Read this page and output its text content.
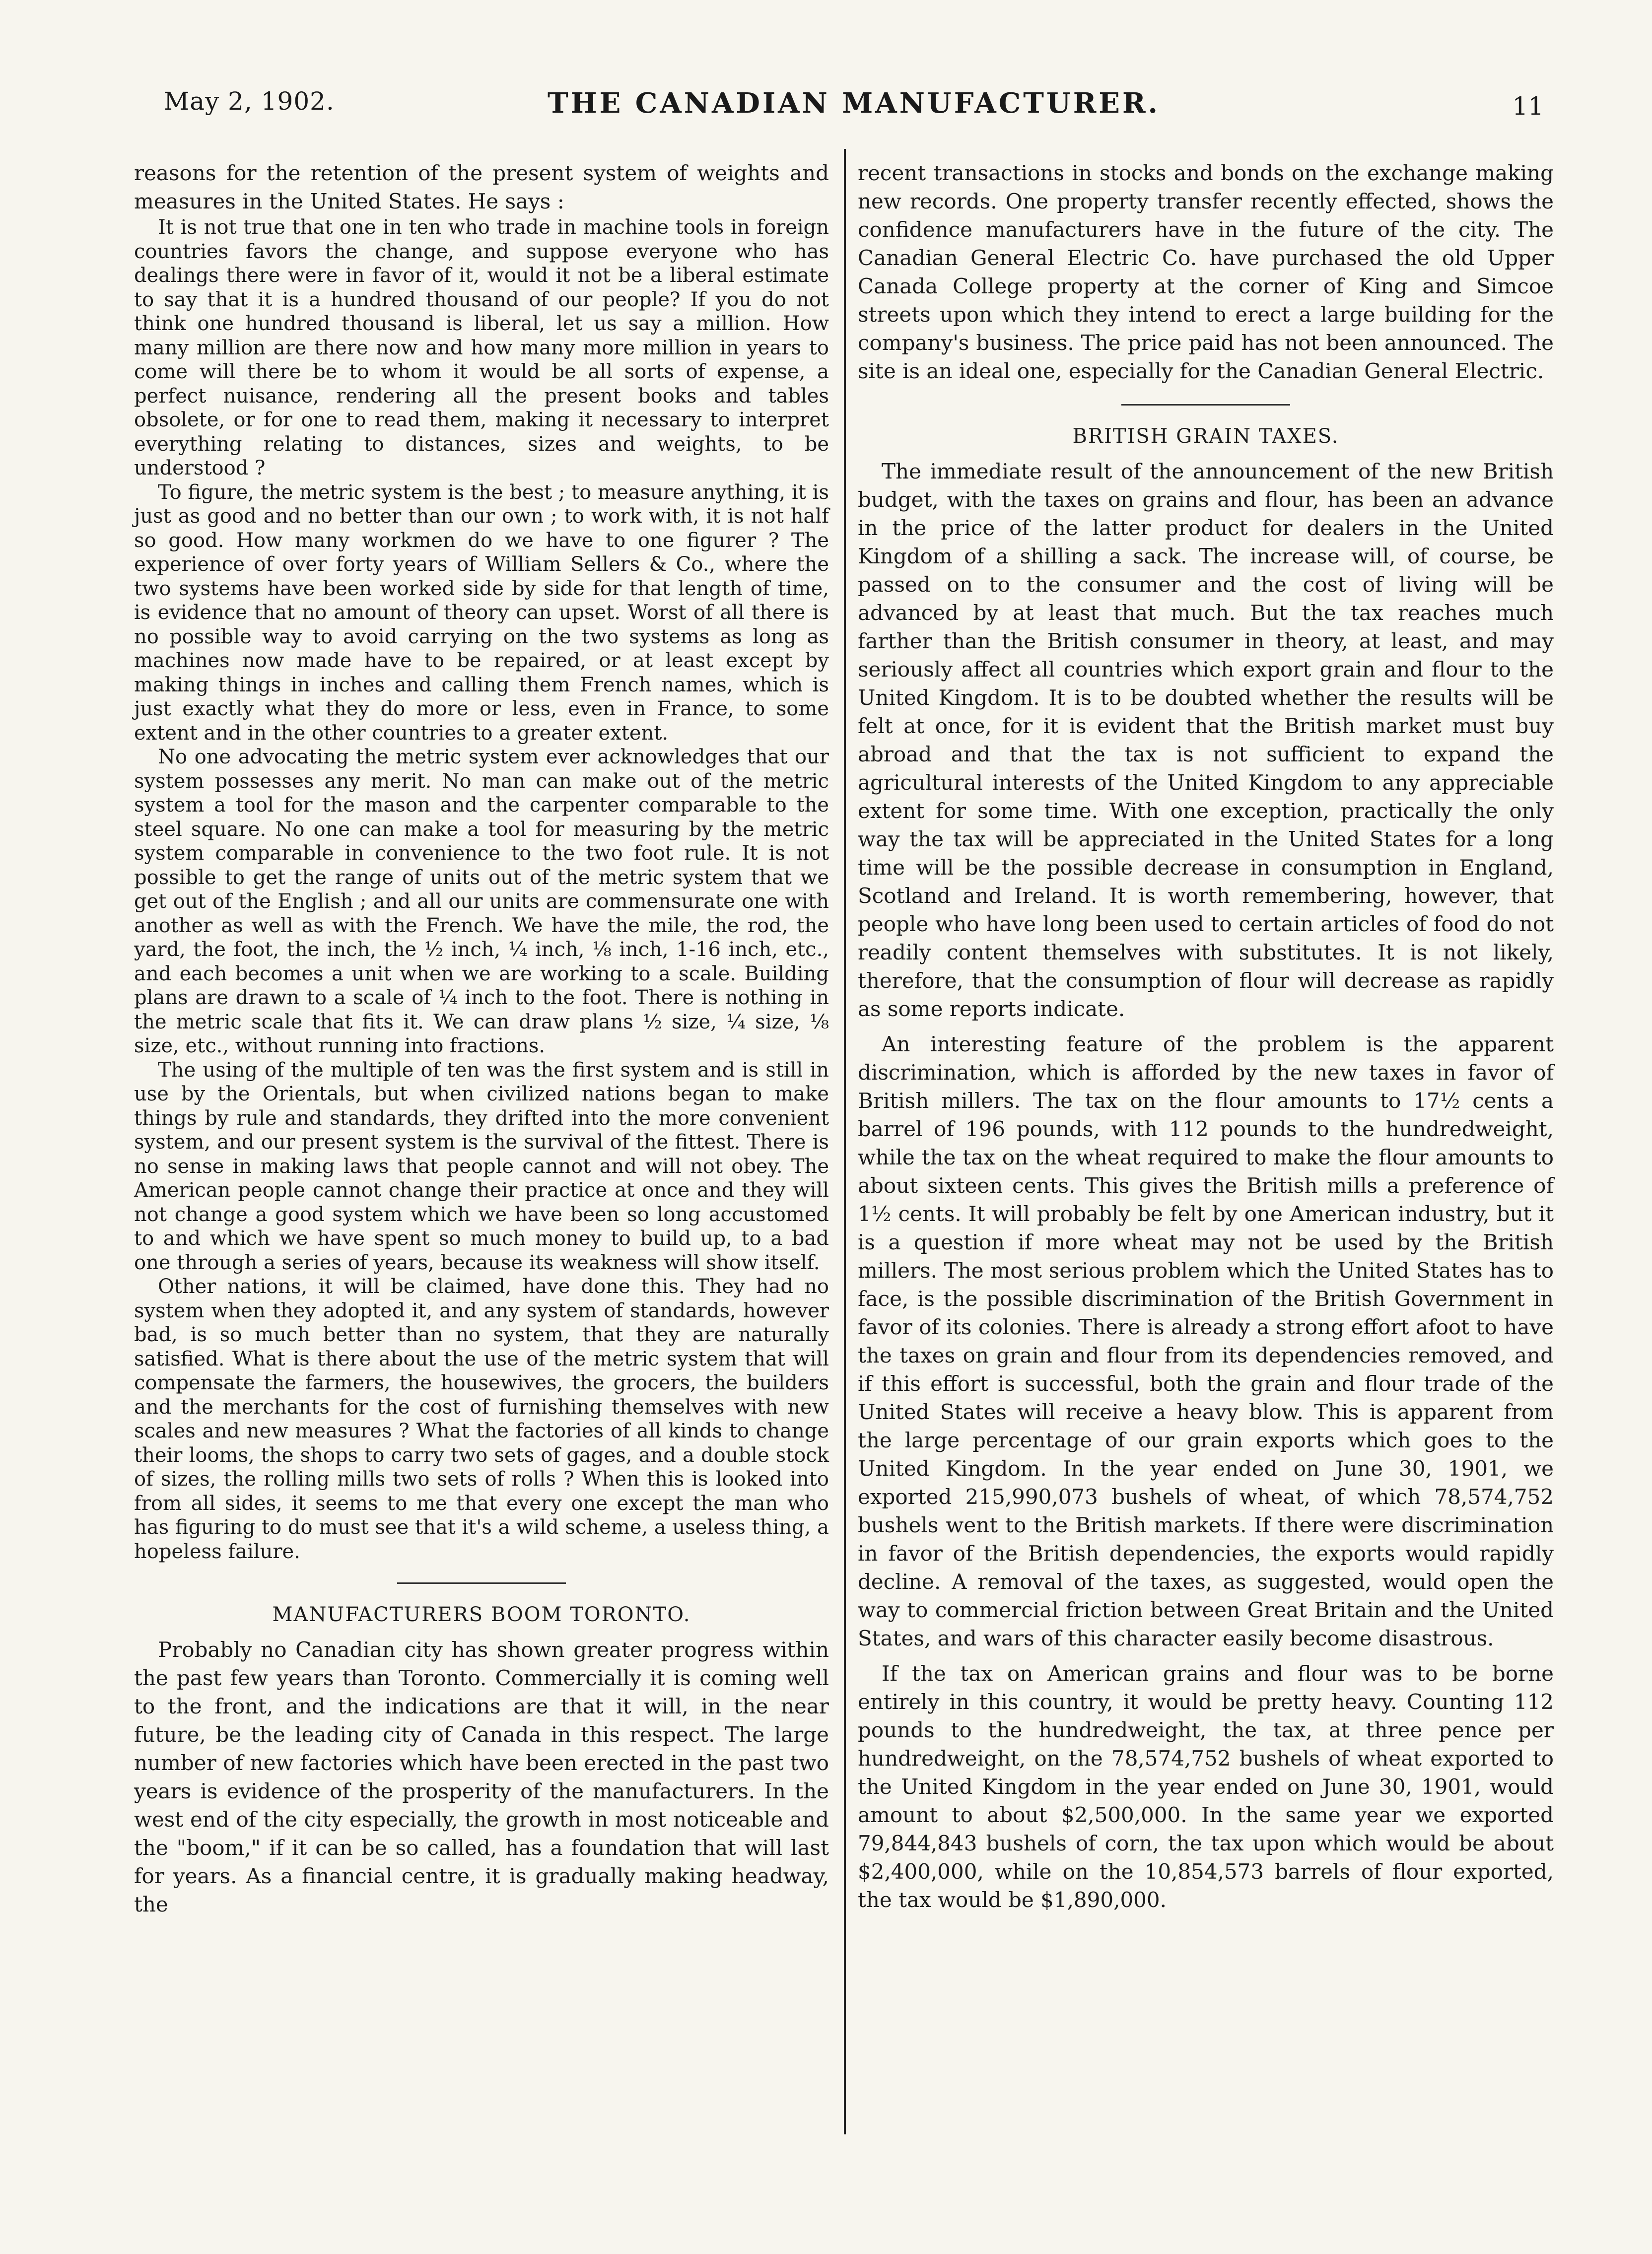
May 2, 1902.	THE CANADIAN MANUFACTURER.	11

reasons for the retention of the present system of weights and measures in the United States. He says :

It is not true that one in ten who trade in machine tools in foreign countries favors the change, and suppose everyone who has dealings there were in favor of it, would it not be a liberal estimate to say that it is a hundred thousand of our people? If you do not think one hundred thousand is liberal, let us say a million. How many million are there now and how many more million in years to come will there be to whom it would be all sorts of expense, a perfect nuisance, rendering all the present books and tables obsolete, or for one to read them, making it necessary to interpret everything relating to distances, sizes and weights, to be understood ?

To figure, the metric system is the best ; to measure anything, it is just as good and no better than our own ; to work with, it is not half so good. How many workmen do we have to one figurer ? The experience of over forty years of William Sellers & Co., where the two systems have been worked side by side for that length of time, is evidence that no amount of theory can upset. Worst of all there is no possible way to avoid carrying on the two systems as long as machines now made have to be repaired, or at least except by making things in inches and calling them French names, which is just exactly what they do more or less, even in France, to some extent and in the other countries to a greater extent.

No one advocating the metric system ever acknowledges that our system possesses any merit. No man can make out of the metric system a tool for the mason and the carpenter comparable to the steel square. No one can make a tool for measuring by the metric system comparable in convenience to the two foot rule. It is not possible to get the range of units out of the metric system that we get out of the English ; and all our units are commensurate one with another as well as with the French. We have the mile, the rod, the yard, the foot, the inch, the ½ inch, ¼ inch, ⅛ inch, 1-16 inch, etc., and each becomes a unit when we are working to a scale. Building plans are drawn to a scale of ¼ inch to the foot. There is nothing in the metric scale that fits it. We can draw plans ½ size, ¼ size, ⅛ size, etc., without running into fractions.

The using of the multiple of ten was the first system and is still in use by the Orientals, but when civilized nations began to make things by rule and standards, they drifted into the more convenient system, and our present system is the survival of the fittest. There is no sense in making laws that people cannot and will not obey. The American people cannot change their practice at once and they will not change a good system which we have been so long accustomed to and which we have spent so much money to build up, to a bad one through a series of years, because its weakness will show itself.

Other nations, it will be claimed, have done this. They had no system when they adopted it, and any system of standards, however bad, is so much better than no system, that they are naturally satisfied. What is there about the use of the metric system that will compensate the farmers, the housewives, the grocers, the builders and the merchants for the cost of furnishing themselves with new scales and new measures ? What the factories of all kinds to change their looms, the shops to carry two sets of gages, and a double stock of sizes, the rolling mills two sets of rolls ? When this is looked into from all sides, it seems to me that every one except the man who has figuring to do must see that it's a wild scheme, a useless thing, a hopeless failure.

MANUFACTURERS BOOM TORONTO.

Probably no Canadian city has shown greater progress within the past few years than Toronto. Commercially it is coming well to the front, and the indications are that it will, in the near future, be the leading city of Canada in this respect. The large number of new factories which have been erected in the past two years is evidence of the prosperity of the manufacturers. In the west end of the city especially, the growth in most noticeable and the "boom," if it can be so called, has a foundation that will last for years. As a financial centre, it is gradually making headway, the

recent transactions in stocks and bonds on the exchange making new records. One property transfer recently effected, shows the confidence manufacturers have in the future of the city. The Canadian General Electric Co. have purchased the old Upper Canada College property at the corner of King and Simcoe streets upon which they intend to erect a large building for the company's business. The price paid has not been announced. The site is an ideal one, especially for the Canadian General Electric.

BRITISH GRAIN TAXES.

The immediate result of the announcement of the new British budget, with the taxes on grains and flour, has been an advance in the price of the latter product for dealers in the United Kingdom of a shilling a sack. The increase will, of course, be passed on to the consumer and the cost of living will be advanced by at least that much. But the tax reaches much farther than the British consumer in theory, at least, and may seriously affect all countries which export grain and flour to the United Kingdom. It is to be doubted whether the results will be felt at once, for it is evident that the British market must buy abroad and that the tax is not sufficient to expand the agricultural interests of the United Kingdom to any appreciable extent for some time. With one exception, practically the only way the tax will be appreciated in the United States for a long time will be the possible decrease in consumption in England, Scotland and Ireland. It is worth remembering, however, that people who have long been used to certain articles of food do not readily content themselves with substitutes. It is not likely, therefore, that the consumption of flour will decrease as rapidly as some reports indicate.

An interesting feature of the problem is the apparent discrimination, which is afforded by the new taxes in favor of British millers. The tax on the flour amounts to 17½ cents a barrel of 196 pounds, with 112 pounds to the hundredweight, while the tax on the wheat required to make the flour amounts to about sixteen cents. This gives the British mills a preference of 1½ cents. It will probably be felt by one American industry, but it is a question if more wheat may not be used by the British millers. The most serious problem which the United States has to face, is the possible discrimination of the British Government in favor of its colonies. There is already a strong effort afoot to have the taxes on grain and flour from its dependencies removed, and if this effort is successful, both the grain and flour trade of the United States will receive a heavy blow. This is apparent from the large percentage of our grain exports which goes to the United Kingdom. In the year ended on June 30, 1901, we exported 215,990,073 bushels of wheat, of which 78,574,752 bushels went to the British markets. If there were discrimination in favor of the British dependencies, the exports would rapidly decline. A removal of the taxes, as suggested, would open the way to commercial friction between Great Britain and the United States, and wars of this character easily become disastrous.

If the tax on American grains and flour was to be borne entirely in this country, it would be pretty heavy. Counting 112 pounds to the hundredweight, the tax, at three pence per hundredweight, on the 78,574,752 bushels of wheat exported to the United Kingdom in the year ended on June 30, 1901, would amount to about $2,500,000. In the same year we exported 79,844,843 bushels of corn, the tax upon which would be about $2,400,000, while on the 10,854,573 barrels of flour exported, the tax would be $1,890,000.
